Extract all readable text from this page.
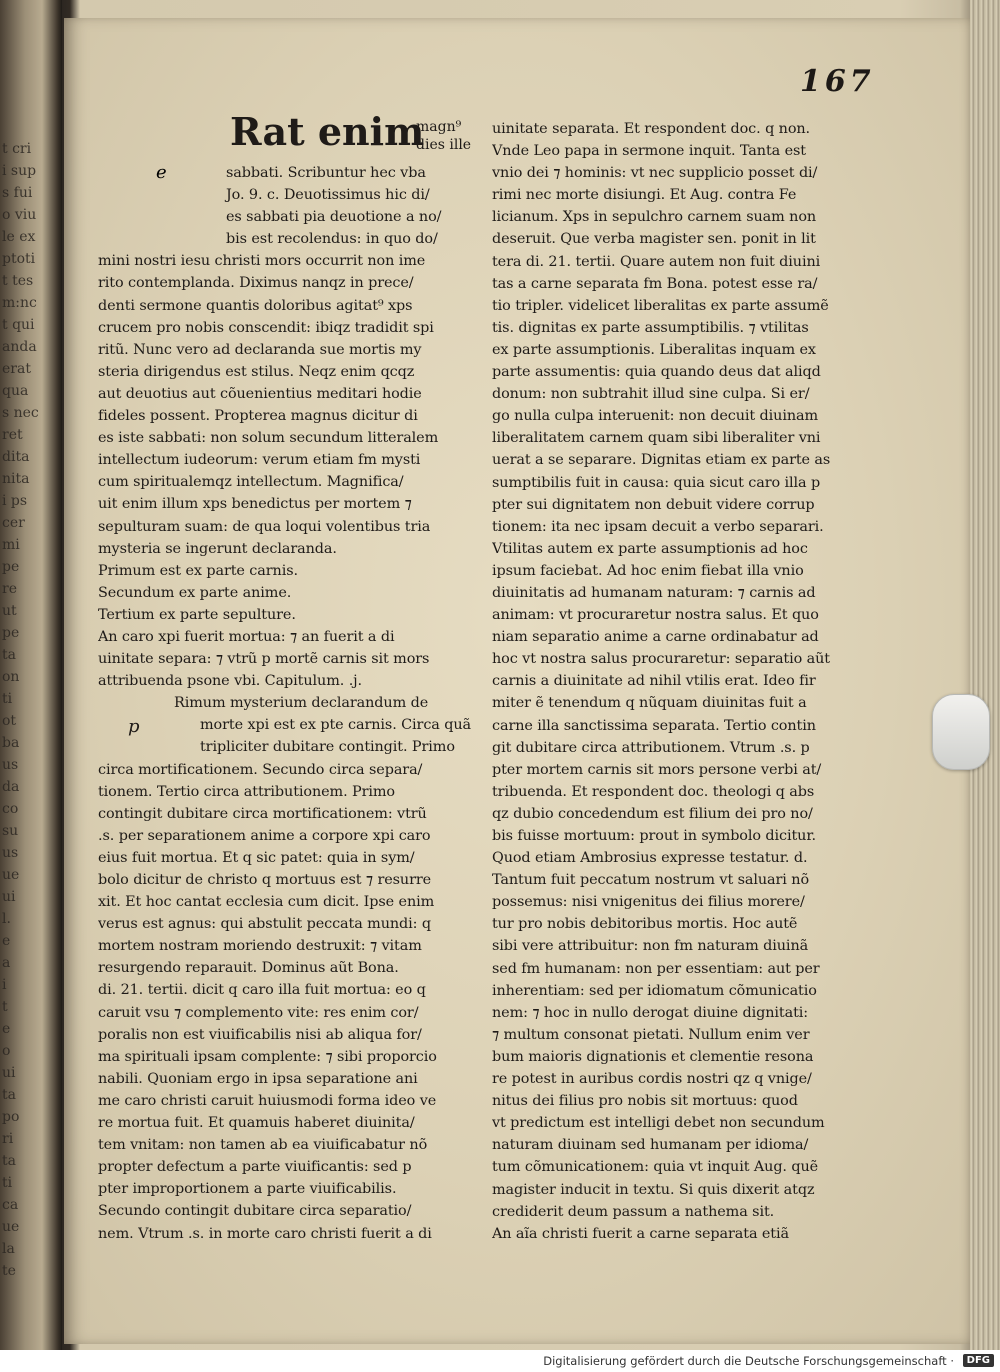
t cri
i sup
s fui
o viu
le ex
ptoti
t tes
m:nc
t qui
anda
erat
qua
s nec
ret
dita
nita
i ps
cer
mi
pe
re
ut
pe
ta
on
ti
ot
ba
us
da
co
su
us
ue
ui
l.
e
a
i
t
e
o
ui
ta
po
ri
ta
ti
ca
ue
la
te
167
Rat enim
magn⁹
dies ille
sabbati. Scribuntur hec vba
Jo. 9. c. Deuotissimus hic di/
es sabbati pia deuotione a no/
bis est recolendus: in quo do/
mini nostri iesu christi mors occurrit non ime
rito contemplanda. Diximus nanqz in prece/
denti sermone quantis doloribus agitat⁹ xps
crucem pro nobis conscendit: ibiqz tradidit spi
ritũ. Nunc vero ad declaranda sue mortis my
steria dirigendus est stilus. Neqz enim qcqz
aut deuotius aut cõuenientius meditari hodie
fideles possent. Propterea magnus dicitur di
es iste sabbati: non solum secundum litteralem
intellectum iudeorum: verum etiam fm mysti
cum spiritualemqz intellectum. Magnifica/
uit enim illum xps benedictus per mortem ⁊
sepulturam suam: de qua loqui volentibus tria
mysteria se ingerunt declaranda.
Primum est ex parte carnis.
Secundum ex parte anime.
Tertium ex parte sepulture.
An caro xpi fuerit mortua: ⁊ an fuerit a di
uinitate separa: ⁊ vtrũ p mortẽ carnis sit mors
attribuenda psone vbi. Capitulum. .j.
p
Rimum mysterium declarandum de
morte xpi est ex pte carnis. Circa quã
tripliciter dubitare contingit. Primo
circa mortificationem. Secundo circa separa/
tionem. Tertio circa attributionem. Primo
contingit dubitare circa mortificationem: vtrũ
.s. per separationem anime a corpore xpi caro
eius fuit mortua. Et q sic patet: quia in sym/
bolo dicitur de christo q mortuus est ⁊ resurre
xit. Et hoc cantat ecclesia cum dicit. Ipse enim
verus est agnus: qui abstulit peccata mundi: q
mortem nostram moriendo destruxit: ⁊ vitam
resurgendo reparauit. Dominus aũt Bona.
di. 21. tertii. dicit q caro illa fuit mortua: eo q
caruit vsu ⁊ complemento vite: res enim cor/
poralis non est viuificabilis nisi ab aliqua for/
ma spirituali ipsam complente: ⁊ sibi proporcio
nabili. Quoniam ergo in ipsa separatione ani
me caro christi caruit huiusmodi forma ideo ve
re mortua fuit. Et quamuis haberet diuinita/
tem vnitam: non tamen ab ea viuificabatur nõ
propter defectum a parte viuificantis: sed p
pter improportionem a parte viuificabilis.
Secundo contingit dubitare circa separatio/
nem. Vtrum .s. in morte caro christi fuerit a di
e
uinitate separata. Et respondent doc. q non.
Vnde Leo papa in sermone inquit. Tanta est
vnio dei ⁊ hominis: vt nec supplicio posset di/
rimi nec morte disiungi. Et Aug. contra Fe
licianum. Xps in sepulchro carnem suam non
deseruit. Que verba magister sen. ponit in lit
tera di. 21. tertii. Quare autem non fuit diuini
tas a carne separata fm Bona. potest esse ra/
tio tripler. videlicet liberalitas ex parte assumẽ
tis. dignitas ex parte assumptibilis. ⁊ vtilitas
ex parte assumptionis. Liberalitas inquam ex
parte assumentis: quia quando deus dat aliqd
donum: non subtrahit illud sine culpa. Si er/
go nulla culpa interuenit: non decuit diuinam
liberalitatem carnem quam sibi liberaliter vni
uerat a se separare. Dignitas etiam ex parte as
sumptibilis fuit in causa: quia sicut caro illa p
pter sui dignitatem non debuit videre corrup
tionem: ita nec ipsam decuit a verbo separari.
Vtilitas autem ex parte assumptionis ad hoc
ipsum faciebat. Ad hoc enim fiebat illa vnio
diuinitatis ad humanam naturam: ⁊ carnis ad
animam: vt procuraretur nostra salus. Et quo
niam separatio anime a carne ordinabatur ad
hoc vt nostra salus procuraretur: separatio aũt
carnis a diuinitate ad nihil vtilis erat. Ideo fir
miter ẽ tenendum q nũquam diuinitas fuit a
carne illa sanctissima separata. Tertio contin
git dubitare circa attributionem. Vtrum .s. p
pter mortem carnis sit mors persone verbi at/
tribuenda. Et respondent doc. theologi q abs
qz dubio concedendum est filium dei pro no/
bis fuisse mortuum: prout in symbolo dicitur.
Quod etiam Ambrosius expresse testatur. d.
Tantum fuit peccatum nostrum vt saluari nõ
possemus: nisi vnigenitus dei filius morere/
tur pro nobis debitoribus mortis. Hoc autẽ
sibi vere attribuitur: non fm naturam diuinã
sed fm humanam: non per essentiam: aut per
inherentiam: sed per idiomatum cõmunicatio
nem: ⁊ hoc in nullo derogat diuine dignitati:
⁊ multum consonat pietati. Nullum enim ver
bum maioris dignationis et clementie resona
re potest in auribus cordis nostri qz q vnige/
nitus dei filius pro nobis sit mortuus: quod
vt predictum est intelligi debet non secundum
naturam diuinam sed humanam per idioma/
tum cõmunicationem: quia vt inquit Aug. quẽ
magister inducit in textu. Si quis dixerit atqz
crediderit deum passum a nathema sit.
An aĩa christi fuerit a carne separata etiã
Digitalisierung gefördert durch die Deutsche Forschungsgemeinschaft ·	DFG
